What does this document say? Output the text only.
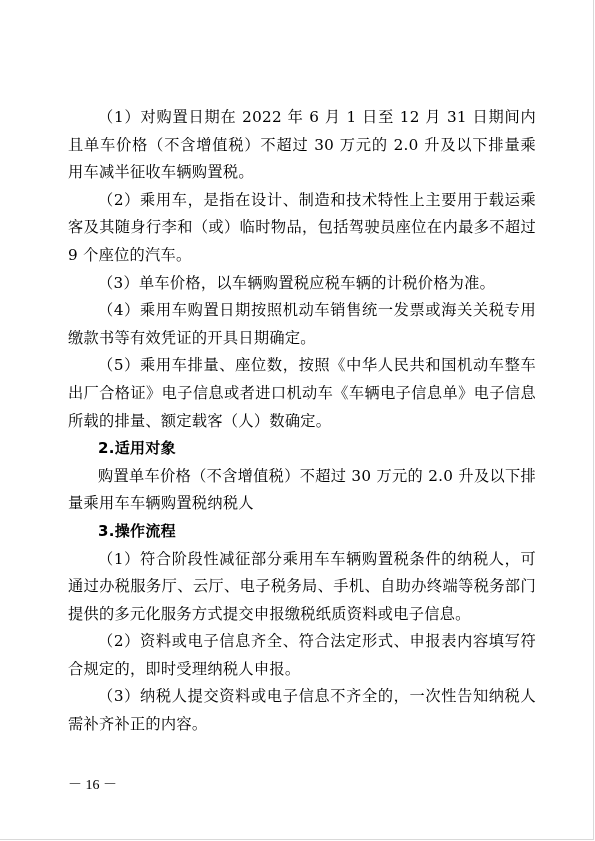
（1）对购置日期在 2022 年 6 月 1 日至 12 月 31 日期间内且单车价格（不含增值税）不超过 30 万元的 2.0 升及以下排量乘用车减半征收车辆购置税。

（2）乘用车，是指在设计、制造和技术特性上主要用于载运乘客及其随身行李和（或）临时物品，包括驾驶员座位在内最多不超过 9 个座位的汽车。

（3）单车价格，以车辆购置税应税车辆的计税价格为准。

（4）乘用车购置日期按照机动车销售统一发票或海关关税专用缴款书等有效凭证的开具日期确定。

（5）乘用车排量、座位数，按照《中华人民共和国机动车整车出厂合格证》电子信息或者进口机动车《车辆电子信息单》电子信息所载的排量、额定载客（人）数确定。

2.适用对象

购置单车价格（不含增值税）不超过 30 万元的 2.0 升及以下排量乘用车车辆购置税纳税人

3.操作流程

（1）符合阶段性减征部分乘用车车辆购置税条件的纳税人，可通过办税服务厅、云厅、电子税务局、手机、自助办终端等税务部门提供的多元化服务方式提交申报缴税纸质资料或电子信息。

（2）资料或电子信息齐全、符合法定形式、申报表内容填写符合规定的，即时受理纳税人申报。

（3）纳税人提交资料或电子信息不齐全的，一次性告知纳税人需补齐补正的内容。

－ 16 －
